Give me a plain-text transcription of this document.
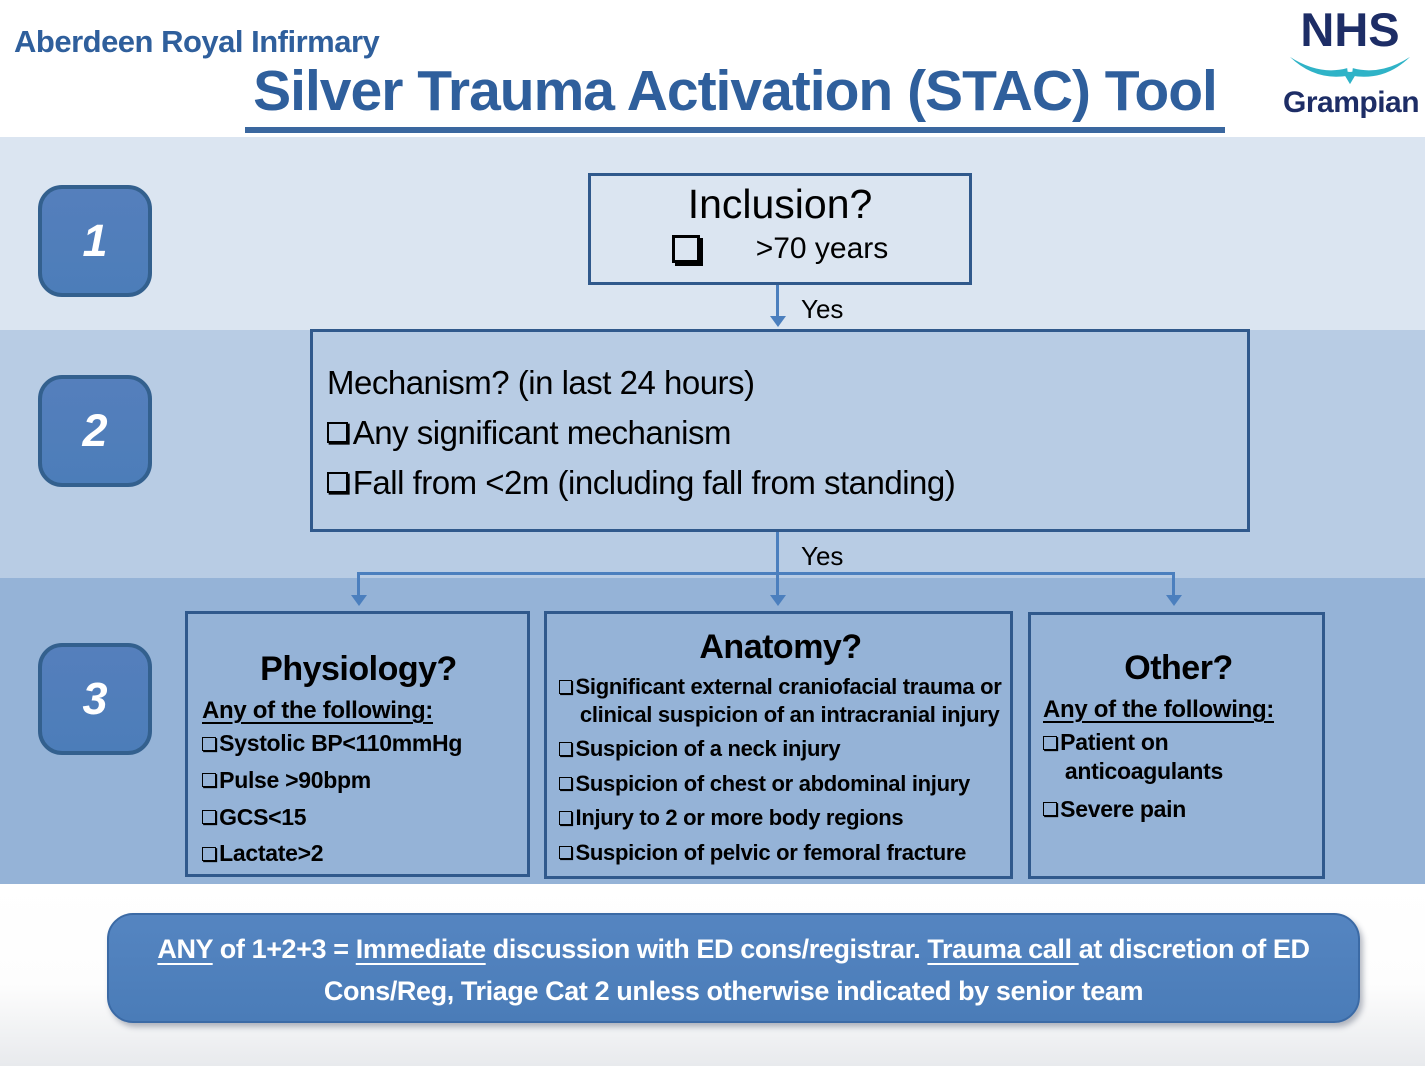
Aberdeen Royal Infirmary
Silver Trauma Activation (STAC) Tool
NHS
Grampian
1
2
3
Inclusion?
>70 years
Yes
Mechanism? (in last 24 hours)
Any significant mechanism
Fall from <2m (including fall from standing)
Yes
Physiology?
Any of the following:
Systolic BP<110mmHg
Pulse >90bpm
GCS<15
Lactate>2
Anatomy?
Significant external craniofacial trauma or clinical suspicion of an intracranial injury
Suspicion of a neck injury
Suspicion of chest or abdominal injury
Injury to 2 or more body regions
Suspicion of pelvic or femoral fracture
Other?
Any of the following:
Patient on anticoagulants
Severe pain
ANY of 1+2+3 = Immediate discussion with ED cons/registrar. Trauma call at discretion of ED
Cons/Reg, Triage Cat 2 unless otherwise indicated by senior team
